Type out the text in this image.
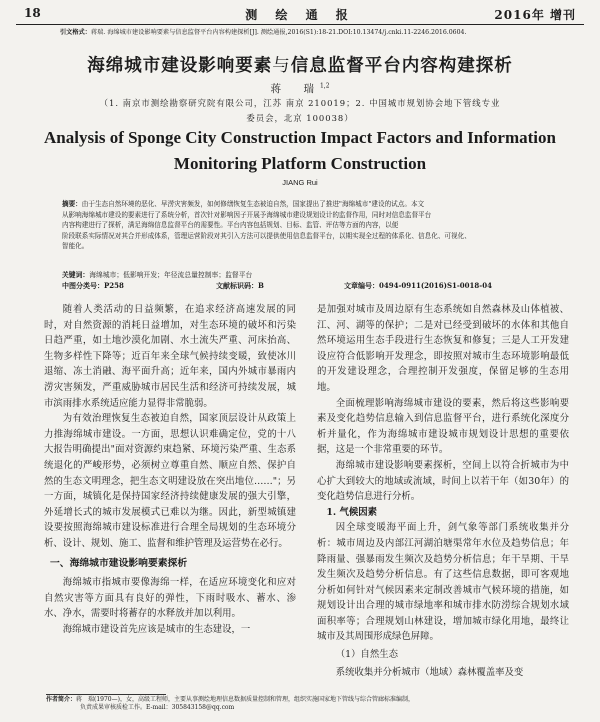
18	测 绘 通 报	2016年 增刊
引文格式：蒋瑞. 海绵城市建设影响要素与信息监督平台内容构建探析[J]. 测绘通报,2016(S1):18-21.DOI:10.13474/j.cnki.11-2246.2016.0604.
海绵城市建设影响要素与信息监督平台内容构建探析
蒋　瑞$^{1,2}$
（1. 南京市测绘勘察研究院有限公司，江苏 南京 210019；2. 中国城市规划协会地下管线专业
委员会，北京 100038）
Analysis of Sponge City Construction Impact Factors and Information
Monitoring Platform Construction
JIANG Rui
摘要：由于生态自然环境的恶化、早涝灾害频发，如何修缮恢复生态被迫自然，国家提出了推进"海绵城市"建设的试点。本文
从影响海绵城市建设的要素进行了系统分析，首次针对影响因子开展予海绵城市建设规划设计的监督作用，同时对信息监督平台
内容构建进行了探析，满足海绵信息监督平台的需要性。平台内容包括规划、目标、监管、评估等方面的内容，以便
阶段联系实际情况对其合并形成体系，管理运营阶段对其引入方法可以提供使用信息监督平台，以期实现全过程的体系化、信息化、可视化、
智能化。
关键词：海绵城市；低影响开发；年径流总量控制率；监督平台
中图分类号：P258	文献标识码：B	文章编号：0494-0911(2016)S1-0018-04

随着人类活动的日益频繁，在追求经济高速发展的同时，对自然资源的消耗日益增加，对生态环境的破坏和污染日趋严重，如土地沙漠化加剧、水土流失严重、河床抬高、生物多样性下降等；近百年来全球气候持续变暖，致使冰川退缩、冻土消融、海平面升高；近年来，国内外城市暴雨内涝灾害频发，严重威胁城市居民生活和经济可持续发展，城市滨雨排水系统适应能力显得非常脆弱。

为有效治理恢复生态被迫自然，国家顶层设计从政策上力推海绵城市建设。一方面，思想认识难确定位，党的十八大报告明确提出"面对资源约束趋紧、环境污染严重、生态系统退化的严峻形势，必须树立尊重自然、顺应自然、保护自然的生态文明理念，把生态文明建设放在突出地位……"；另一方面，城镇化是保持国家经济持续健康发展的强大引擎，外延增长式的城市发展模式已难以为继。因此，新型城镇建设要按照海绵城市建设标准进行合理全局规划的生态环境分析、设计、规划、施工、监督和维护管理及运营势在必行。

一、海绵城市建设影响要素探析

海绵城市指城市要像海绵一样，在适应环境变化和应对自然灾害等方面具有良好的弹性，下雨时吸水、蓄水、渗水、净水，需要时将蓄存的水释放并加以利用。

海绵城市建设首先应该是城市的生态建设，一

是加强对城市及周边原有生态系统如自然森林及山体植被、江、河、湖等的保护；二是对已经受到破坏的水体和其他自然环境运用生态手段进行生态恢复和修复；三是人工开发建设应符合低影响开发理念，即按照对城市生态环境影响最低的开发建设理念，合理控制开发强度，保留足够的生态用地。

全面梳理影响海绵城市建设的要素，然后将这些影响要素及变化趋势信息输入到信息监督平台，进行系统化深度分析并量化，作为海绵城市建设城市规划设计思想的重要依据，这是一个非常重要的环节。

海绵城市建设影响要素探析，空间上以符合折城市为中心扩大到较大的地域或流域，时间上以若干年（如30年）的变化趋势信息进行分析。

1. 气候因素

因全球变暖海平面上升，剑气象等部门系统收集并分析：城市周边及内部江河湖泊塘渠常年水位及趋势信息；年降雨量、强暴雨发生频次及趋势分析信息；年干旱期、干旱发生频次及趋势分析信息。有了这些信息数据，即可客观地分析如何针对气候因素来定制改善城市气候环境的措施，如规划设计出合理的城市绿地率和城市排水防涝综合规划水域面积率等；合理规划山林建设，增加城市绿化用地，最终让城市及其周围形成绿色屏障。

（1）自然生态

系统收集并分析城市（地域）森林覆盖率及变

作者简介：蒋　瑞(1970—)，女，高级工程师，主要从事测绘地理信息数据质量控制和管理，组织实施国家地下管线与综合管廊标准编制，
负责成果审核质检工作。E-mail：305843158@qq.com
